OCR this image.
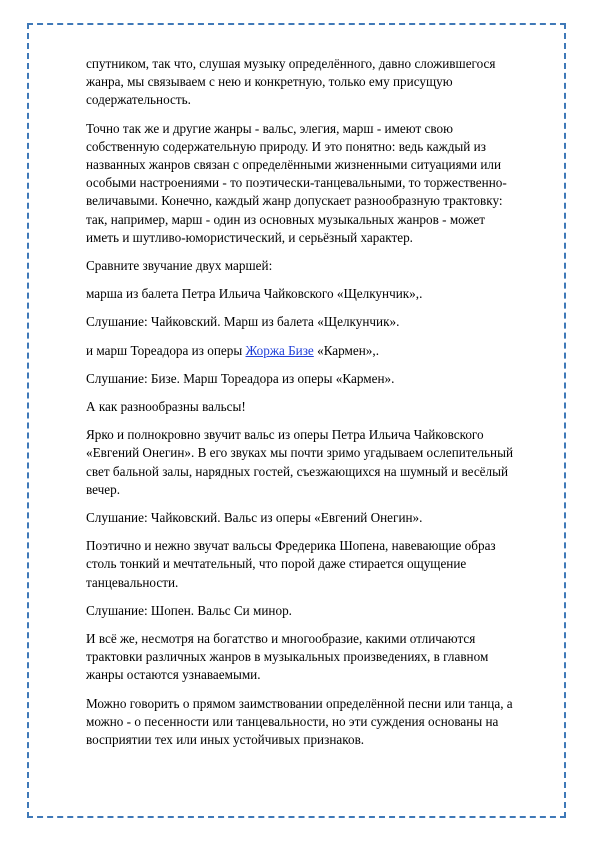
спутником, так что, слушая музыку определённого, давно сложившегося жанра, мы связываем с нею и конкретную, только ему присущую содержательность.

Точно так же и другие жанры - вальс, элегия, марш - имеют свою собственную содержательную природу. И это понятно: ведь каждый из названных жанров связан с определёнными жизненными ситуациями или особыми настроениями - то поэтически-танцевальными, то торжественно-величавыми. Конечно, каждый жанр допускает разнообразную трактовку: так, например, марш - один из основных музыкальных жанров - может иметь и шутливо-юмористический, и серьёзный характер.

Сравните звучание двух маршей:

марша из балета Петра Ильича Чайковского «Щелкунчик»,.

Слушание: Чайковский. Марш из балета «Щелкунчик».

и марш Тореадора из оперы Жоржа Бизе «Кармен»,.

Слушание: Бизе. Марш Тореадора из оперы «Кармен».

А как разнообразны вальсы!

Ярко и полнокровно звучит вальс из оперы Петра Ильича Чайковского «Евгений Онегин». В его звуках мы почти зримо угадываем ослепительный свет бальной залы, нарядных гостей, съезжающихся на шумный и весёлый вечер.

Слушание: Чайковский. Вальс из оперы «Евгений Онегин».

Поэтично и нежно звучат вальсы Фредерика Шопена, навевающие образ столь тонкий и мечтательный, что порой даже стирается ощущение танцевальности.

Слушание: Шопен. Вальс Си минор.

И всё же, несмотря на богатство и многообразие, какими отличаются трактовки различных жанров в музыкальных произведениях, в главном жанры остаются узнаваемыми.

Можно говорить о прямом заимствовании определённой песни или танца, а можно - о песенности или танцевальности, но эти суждения основаны на восприятии тех или иных устойчивых признаков.
